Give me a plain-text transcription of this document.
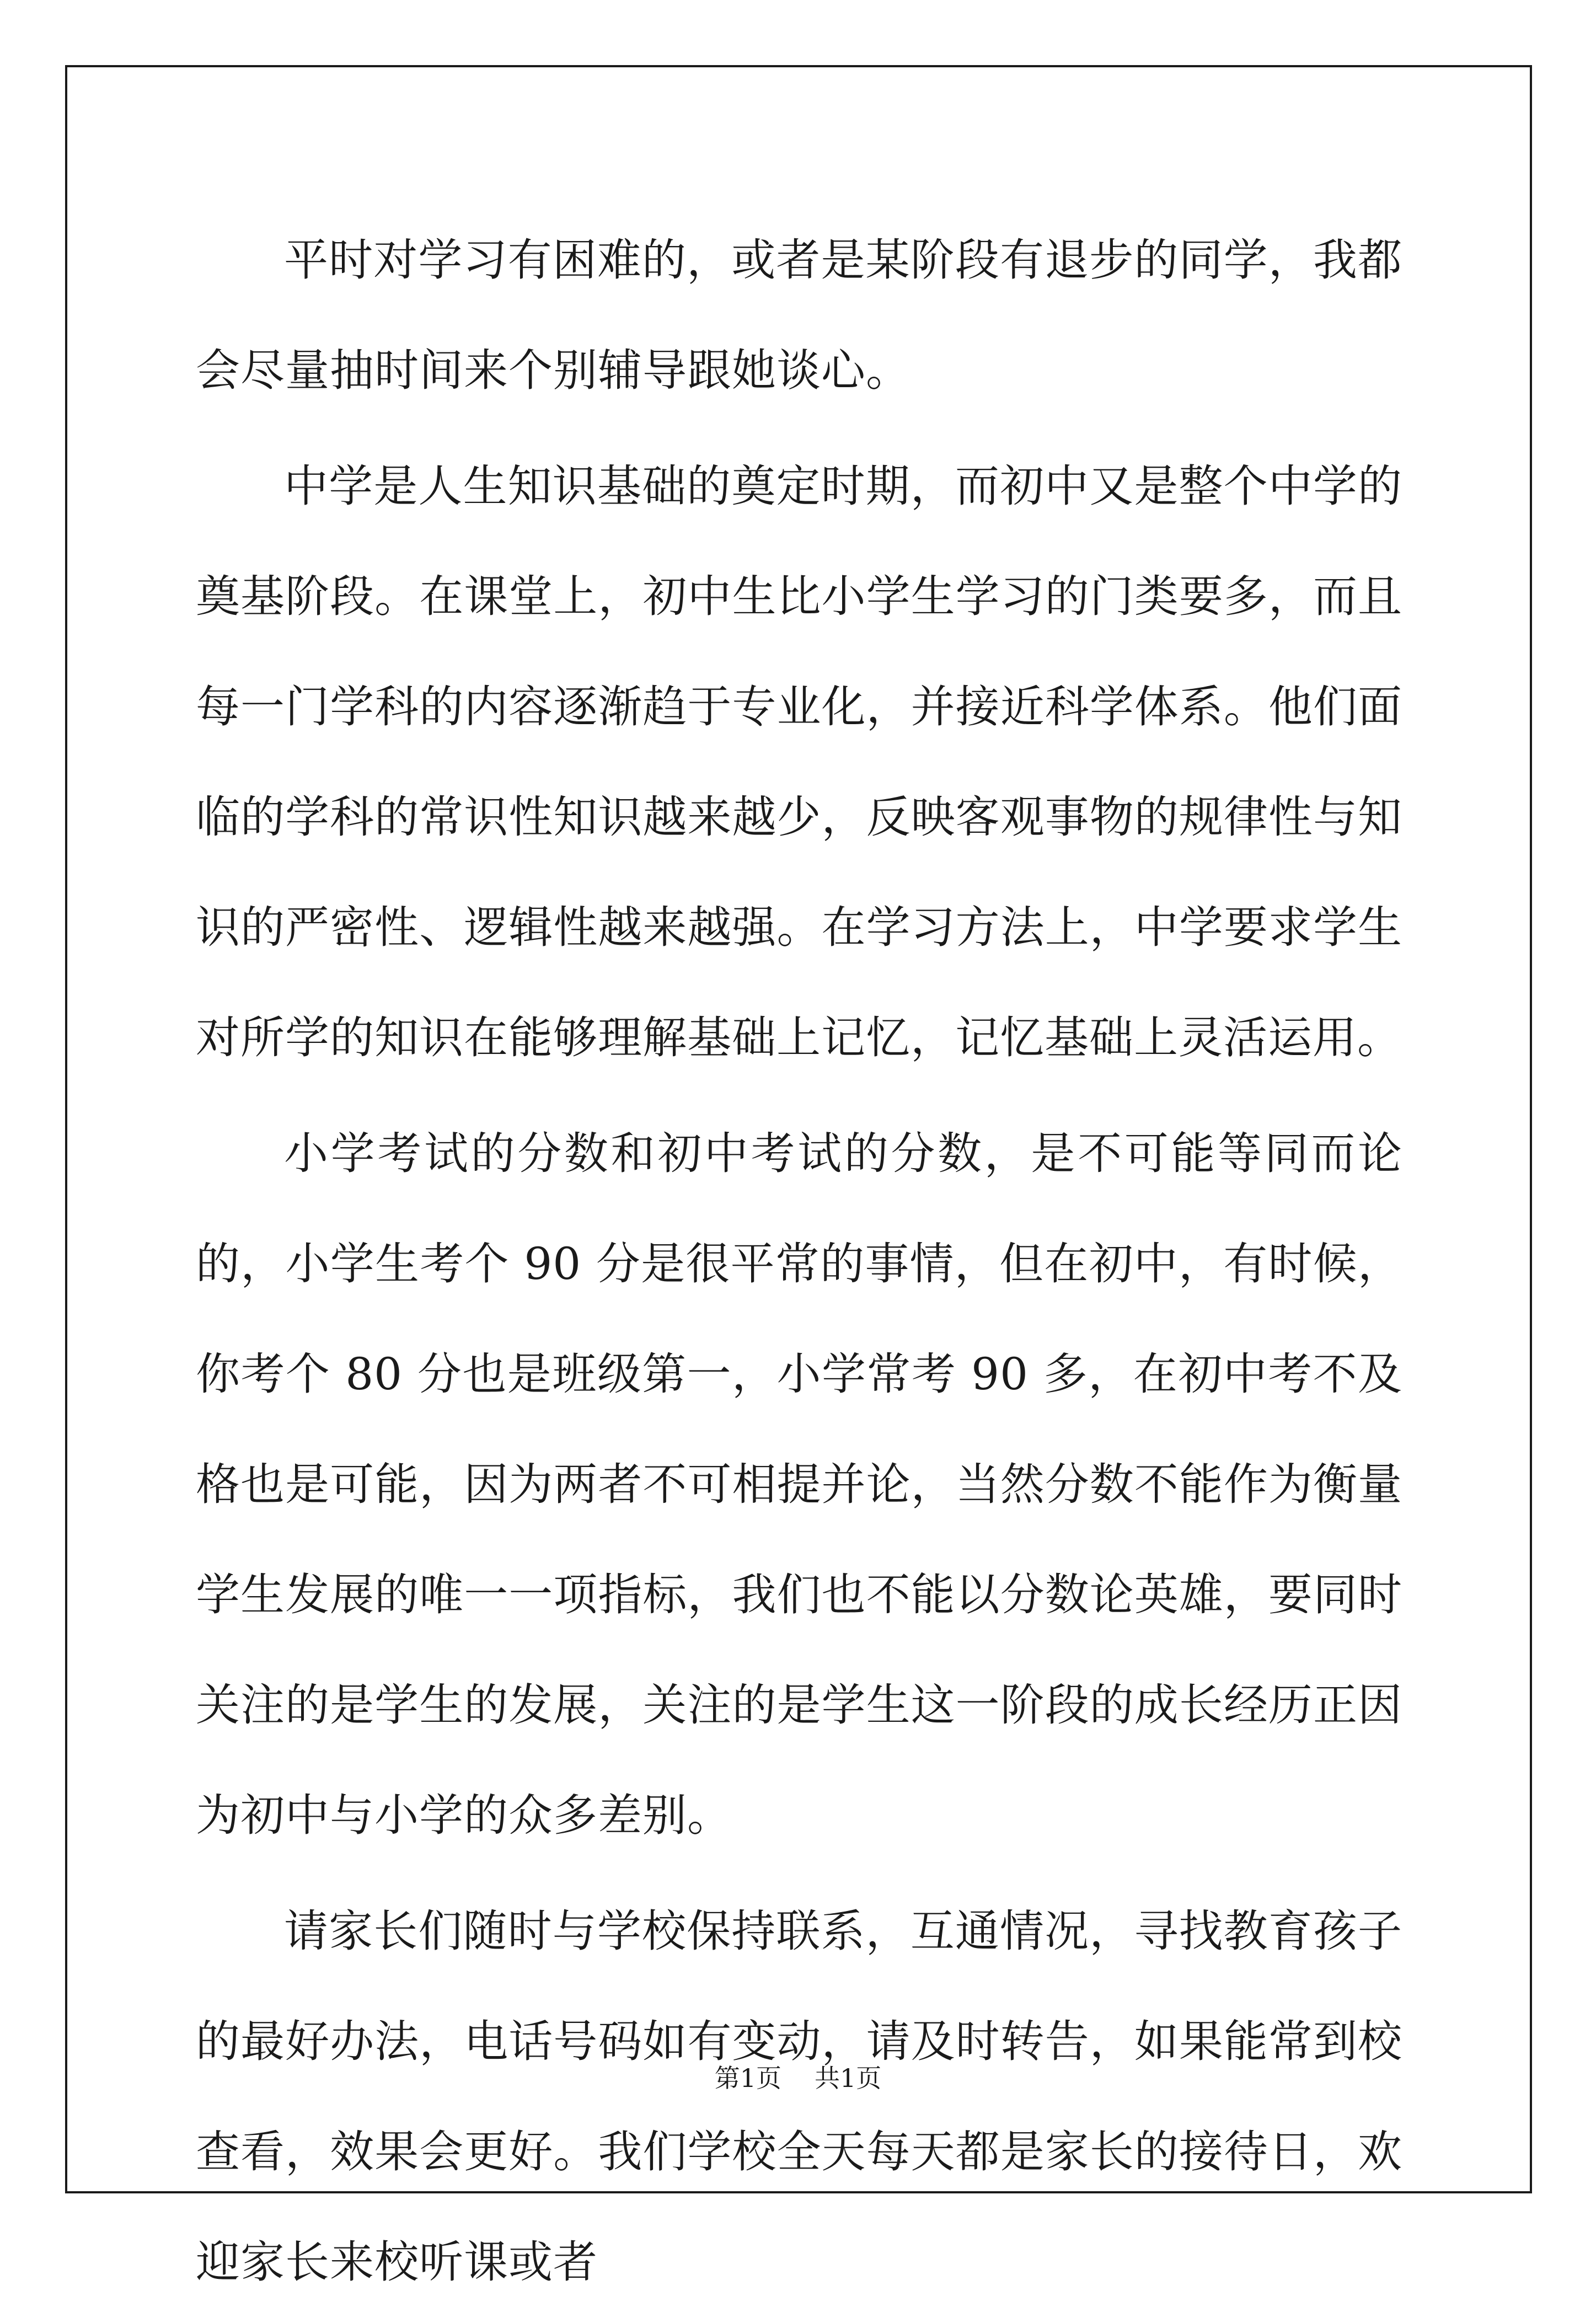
平时对学习有困难的，或者是某阶段有退步的同学，我都会尽量抽时间来个别辅导跟她谈心。

中学是人生知识基础的奠定时期，而初中又是整个中学的奠基阶段。在课堂上，初中生比小学生学习的门类要多，而且每一门学科的内容逐渐趋于专业化，并接近科学体系。他们面临的学科的常识性知识越来越少，反映客观事物的规律性与知识的严密性、逻辑性越来越强。在学习方法上，中学要求学生对所学的知识在能够理解基础上记忆，记忆基础上灵活运用。

小学考试的分数和初中考试的分数，是不可能等同而论的，小学生考个 90 分是很平常的事情，但在初中，有时候，你考个 80 分也是班级第一，小学常考 90 多，在初中考不及格也是可能，因为两者不可相提并论，当然分数不能作为衡量学生发展的唯一一项指标，我们也不能以分数论英雄，要同时关注的是学生的发展，关注的是学生这一阶段的成长经历正因为初中与小学的众多差别。

请家长们随时与学校保持联系，互通情况，寻找教育孩子的最好办法，电话号码如有变动，请及时转告，如果能常到校查看，效果会更好。我们学校全天每天都是家长的接待日，欢迎家长来校听课或者

第1页 共1页
